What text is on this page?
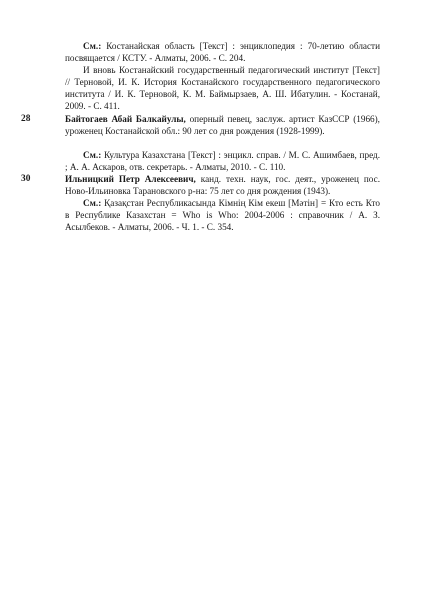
См.: Костанайская область [Текст] : энциклопедия : 70-летию области посвящается / КСТУ. - Алматы, 2006. - С. 204.

И вновь Костанайский государственный педагогический институт [Текст] // Терновой, И. К. История Костанайского государственного педагогического института / И. К. Терновой, К. М. Баймырзаев, А. Ш. Ибатулин. - Костанай, 2009. - С. 411.

28	Байтогаев Абай Балкайулы, оперный певец, заслуж. артист КазССР (1966), уроженец Костанайской обл.: 90 лет со дня рождения (1928-1999).

См.: Культура Казахстана [Текст] : энцикл. справ. / М. С. Ашимбаев, пред. ; А. А. Аскаров, отв. секретарь. - Алматы, 2010. - С. 110.

30	Ильницкий Петр Алексеевич, канд. техн. наук, гос. деят., уроженец пос. Ново-Ильиновка Тарановского р-на: 75 лет со дня рождения (1943).

См.: Қазақстан Республикасында Кімнің Кім екеш [Мәтін] = Кто есть Кто в Республике Казахстан = Who is Who: 2004-2006 : справочник / А. З. Асылбеков. - Алматы, 2006. - Ч. 1. - С. 354.
